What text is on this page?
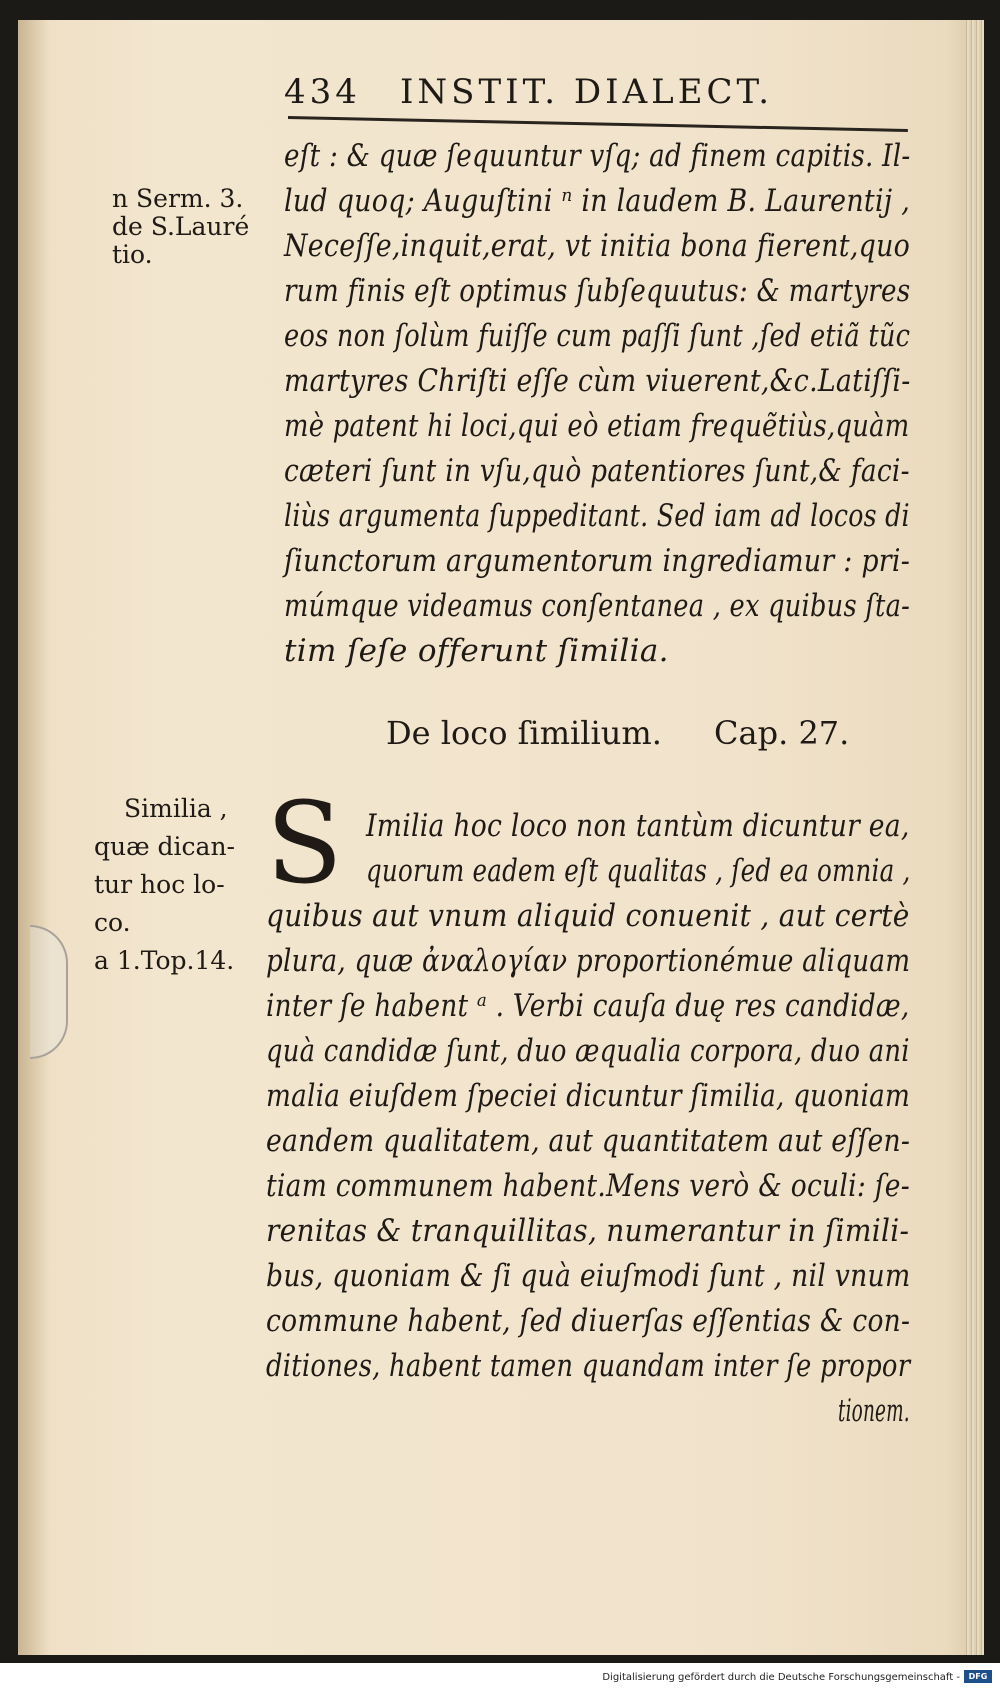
434 INSTIT. DIALECT.
n Serm. 3.
de S.Lauré
tio.
eſt : & quæ ſequuntur vſq; ad finem capitis. Il-
lud quoq; Auguſtini ⁿ in laudem B. Laurentij ,
Neceſſe,inquit,erat, vt initia bona fierent,quo
rum finis eſt optimus ſubſequutus: & martyres
eos non ſolùm fuiſſe cum paſſi ſunt ,ſed etiã tũc
martyres Chriſti eſſe cùm viuerent,&c.Latiſſi-
mè patent hi loci,qui eò etiam frequẽtiùs,quàm
cæteri ſunt in vſu,quò patentiores ſunt,& faci-
liùs argumenta ſuppeditant. Sed iam ad locos di
ſiunctorum argumentorum ingrediamur : pri-
múmque videamus conſentanea , ex quibus ſta-
tim ſeſe offerunt ſimilia.
De loco ſimilium. Cap. 27.
Similia ,
quæ dican-
tur hoc lo-
co.
a 1.Top.14.
S Imilia hoc loco non tantùm dicuntur ea,
quorum eadem eſt qualitas , ſed ea omnia ,
quibus aut vnum aliquid conuenit , aut certè
plura, quæ ἀναλογίαν proportionémue aliquam
inter ſe habent ᵃ . Verbi cauſa duę res candidæ,
quà candidæ ſunt, duo æqualia corpora, duo ani
malia eiuſdem ſpeciei dicuntur ſimilia, quoniam
eandem qualitatem, aut quantitatem aut eſſen-
tiam communem habent.Mens verò & oculi: ſe-
renitas & tranquillitas, numerantur in ſimili-
bus, quoniam & ſi quà eiuſmodi ſunt , nil vnum
commune habent, ſed diuerſas eſſentias & con-
ditiones, habent tamen quandam inter ſe propor
tionem.
Digitalisierung gefördert durch die Deutsche Forschungsgemeinschaft -	DFG
